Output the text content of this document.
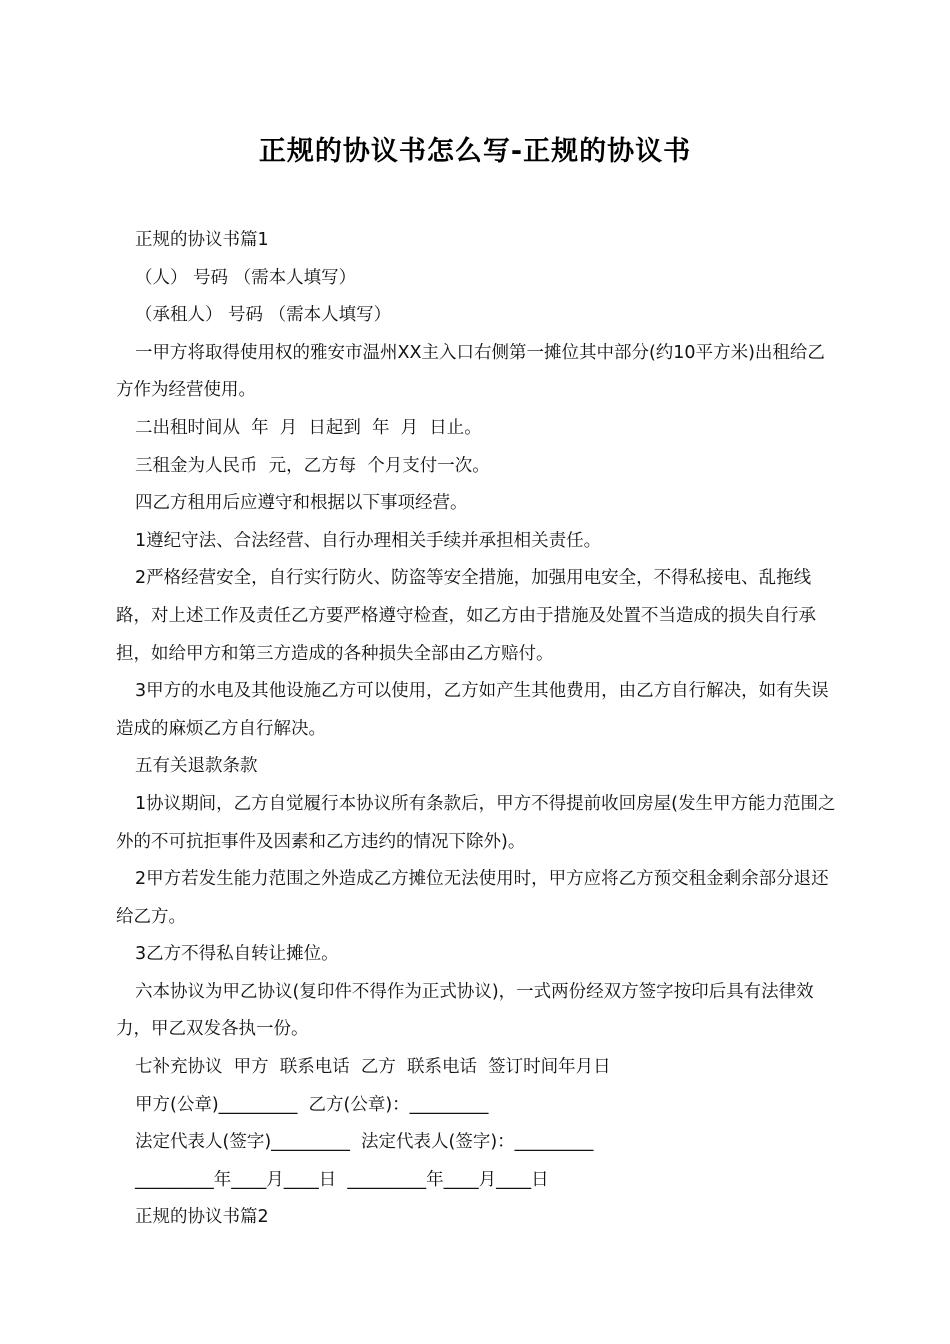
正规的协议书怎么写-正规的协议书

正规的协议书篇1

（人） 号码 （需本人填写）

（承租人） 号码 （需本人填写）

一甲方将取得使用权的雅安市温州XX主入口右侧第一摊位其中部分(约10平方米)出租给乙方作为经营使用。

二出租时间从  年  月  日起到  年  月  日止。

三租金为人民币  元，乙方每  个月支付一次。

四乙方租用后应遵守和根据以下事项经营。

1遵纪守法、合法经营、自行办理相关手续并承担相关责任。

2严格经营安全，自行实行防火、防盗等安全措施，加强用电安全，不得私接电、乱拖线路，对上述工作及责任乙方要严格遵守检查，如乙方由于措施及处置不当造成的损失自行承担，如给甲方和第三方造成的各种损失全部由乙方赔付。

3甲方的水电及其他设施乙方可以使用，乙方如产生其他费用，由乙方自行解决，如有失误造成的麻烦乙方自行解决。

五有关退款条款

1协议期间，乙方自觉履行本协议所有条款后，甲方不得提前收回房屋(发生甲方能力范围之外的不可抗拒事件及因素和乙方违约的情况下除外)。

2甲方若发生能力范围之外造成乙方摊位无法使用时，甲方应将乙方预交租金剩余部分退还给乙方。

3乙方不得私自转让摊位。

六本协议为甲乙协议(复印件不得作为正式协议)，一式两份经双方签字按印后具有法律效力，甲乙双发各执一份。

七补充协议  甲方  联系电话  乙方  联系电话  签订时间年月日

甲方(公章)_________  乙方(公章)：_________

法定代表人(签字)_________  法定代表人(签字)：_________

_________年____月____日  _________年____月____日

正规的协议书篇2
